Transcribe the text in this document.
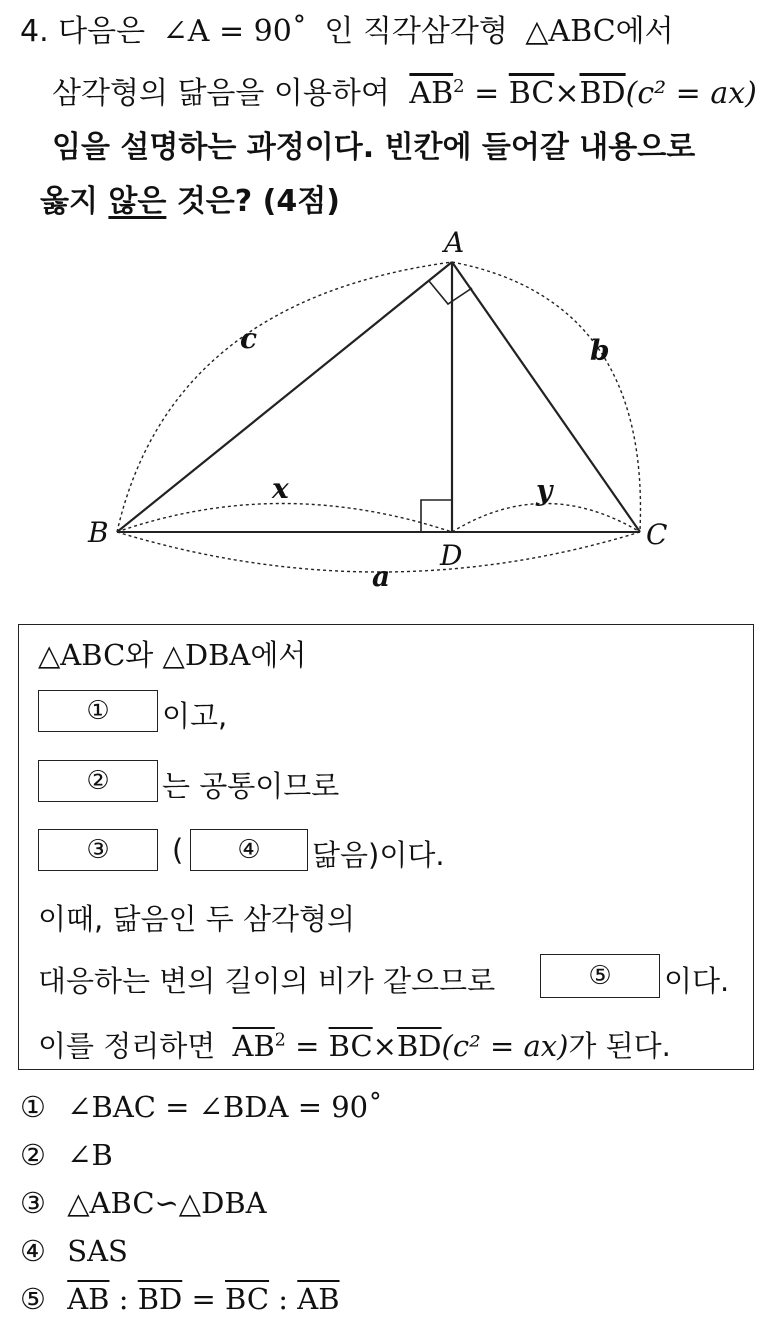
4. 다음은 ∠A = 90˚ 인 직각삼각형 △ABC에서
삼각형의 닮음을 이용하여 $\overline{AB}^2 = \overline{BC}\times\overline{BD}(c^2 = ax)$
임을 설명하는 과정이다. 빈칸에 들어갈 내용으로
옳지 않은 것은? (4점)
A
B	C
D
c	b
a
x	y
△ABC와 △DBA에서
① 이고,
② 는 공통이므로
③ ( ④ 닮음)이다.
이때, 닮음인 두 삼각형의
대응하는 변의 길이의 비가 같으므로	⑤ 이다.
이를 정리하면 $\overline{AB}^2 = \overline{BC}\times\overline{BD}(c^2 = ax)$가 된다.
① ∠BAC = ∠BDA = 90˚
② ∠B
③ △ABC∽△DBA
④ SAS
⑤ $\overline{AB}$ : $\overline{BD} = \overline{BC}$ : $\overline{AB}$
